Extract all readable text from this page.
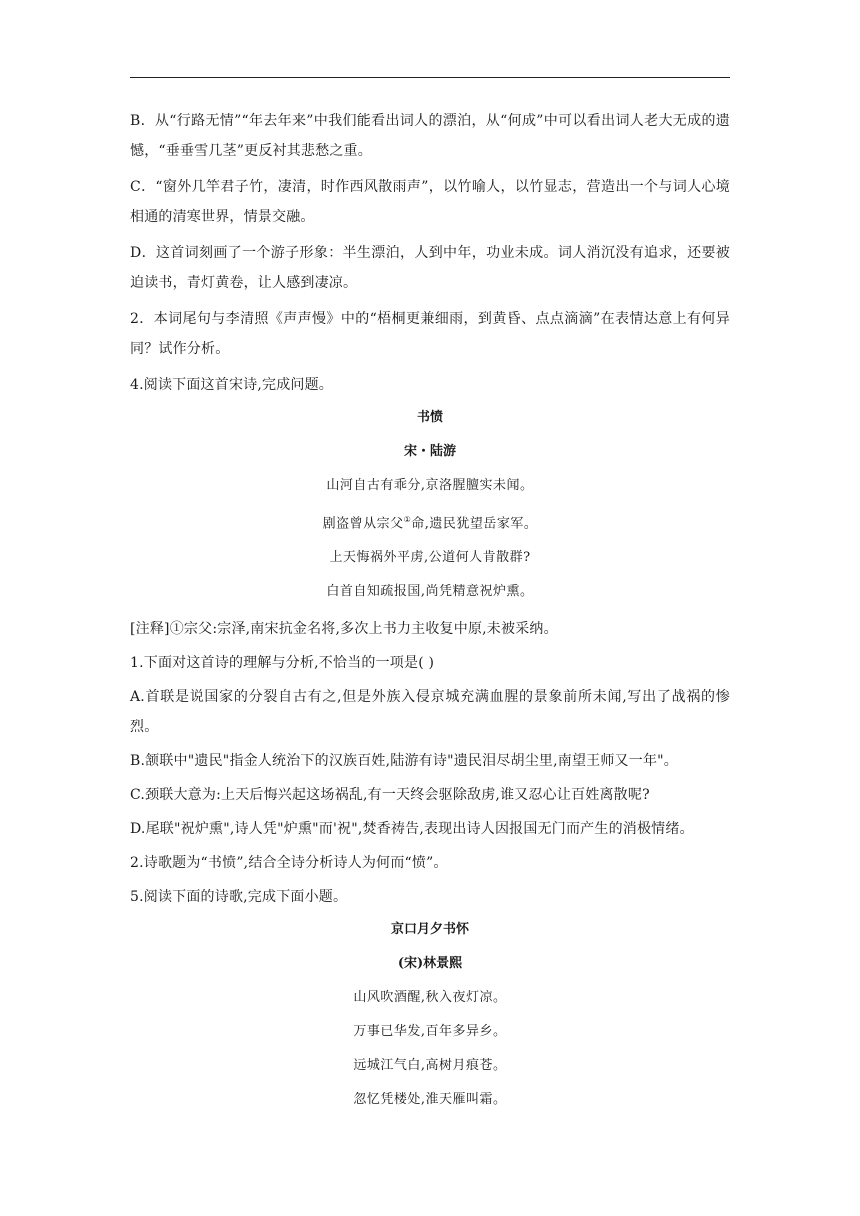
B．从“行路无情”“年去年来”中我们能看出词人的漂泊，从“何成”中可以看出词人老大无成的遗憾，“垂垂雪几茎”更反衬其悲愁之重。

C．“窗外几竿君子竹，凄清，时作西风散雨声”，以竹喻人，以竹显志，营造出一个与词人心境相通的清寒世界，情景交融。

D．这首词刻画了一个游子形象：半生漂泊，人到中年，功业未成。词人消沉没有追求，还要被迫读书，青灯黄卷，让人感到凄凉。

2．本词尾句与李清照《声声慢》中的“梧桐更兼细雨，到黄昏、点点滴滴”在表情达意上有何异同？试作分析。

4.阅读下面这首宋诗,完成问题。

书愤
宋・陆游
山河自古有乖分,京洛腥膻实未闻。
剧盗曾从宗父①命,遗民犹望岳家军。
上天悔祸外平虏,公道何人肯散群?
白首自知疏报国,尚凭精意祝炉熏。

[注释]①宗父:宗泽,南宋抗金名将,多次上书力主收复中原,未被采纳。

1.下面对这首诗的理解与分析,不恰当的一项是( )

A.首联是说国家的分裂自古有之,但是外族入侵京城充满血腥的景象前所未闻,写出了战祸的惨烈。

B.颔联中"遗民"指金人统治下的汉族百姓,陆游有诗"遗民泪尽胡尘里,南望王师又一年"。

C.颈联大意为:上天后悔兴起这场祸乱,有一天终会驱除敌虏,谁又忍心让百姓离散呢?

D.尾联"祝炉熏",诗人凭"炉熏"而'祝",焚香祷告,表现出诗人因报国无门而产生的消极情绪。

2.诗歌题为“书愤”,结合全诗分析诗人为何而“愤”。

5.阅读下面的诗歌,完成下面小题。

京口月夕书怀
(宋)林景熙
山风吹酒醒,秋入夜灯凉。
万事已华发,百年多异乡。
远城江气白,高树月痕苍。
忽忆凭楼处,淮天雁叫霜。
